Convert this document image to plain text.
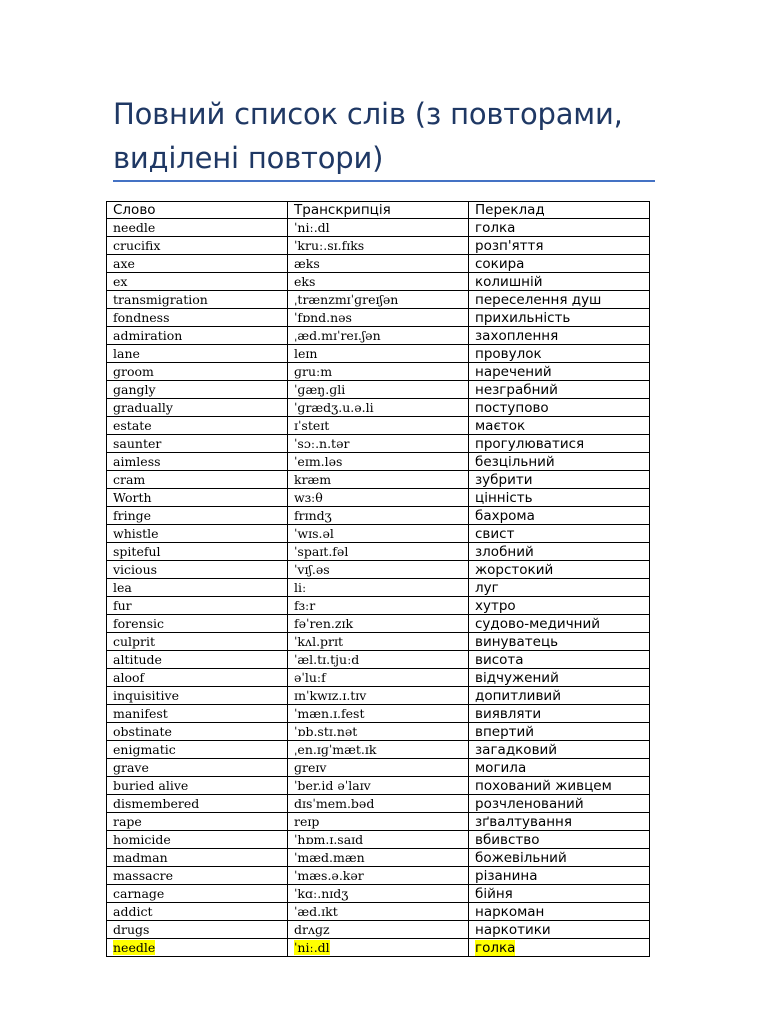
Повний список слів (з повторами, виділені повтори)
Слово	Транскрипція	Переклад
needle	ˈniː.dl	голка
crucifix	ˈkruː.sɪ.fɪks	розп'яття
axe	æks	сокира
ex	eks	колишній
transmigration	ˌtrænzmɪˈɡreɪʃən	переселення душ
fondness	ˈfɒnd.nəs	прихильність
admiration	ˌæd.mɪˈreɪ.ʃən	захоплення
lane	leɪn	провулок
groom	ɡruːm	наречений
gangly	ˈɡæŋ.ɡli	незграбний
gradually	ˈɡrædʒ.u.ə.li	поступово
estate	ɪˈsteɪt	маєток
saunter	ˈsɔː.n.tər	прогулюватися
aimless	ˈeɪm.ləs	безцільний
cram	kræm	зубрити
Worth	wɜːθ	цінність
fringe	frɪndʒ	бахрома
whistle	ˈwɪs.əl	свист
spiteful	ˈspaɪt.fəl	злобний
vicious	ˈvɪʃ.əs	жорстокий
lea	liː	луг
fur	fɜːr	хутро
forensic	fəˈren.zɪk	судово-медичний
culprit	ˈkʌl.prɪt	винуватець
altitude	ˈæl.tɪ.tjuːd	висота
aloof	əˈluːf	відчужений
inquisitive	ɪnˈkwɪz.ɪ.tɪv	допитливий
manifest	ˈmæn.ɪ.fest	виявляти
obstinate	ˈɒb.stɪ.nət	впертий
enigmatic	ˌen.ɪɡˈmæt.ɪk	загадковий
grave	ɡreɪv	могила
buried alive	ˈber.id əˈlaɪv	похований живцем
dismembered	dɪsˈmem.bəd	розчленований
rape	reɪp	зґвалтування
homicide	ˈhɒm.ɪ.saɪd	вбивство
madman	ˈmæd.mæn	божевільний
massacre	ˈmæs.ə.kər	різанина
carnage	ˈkɑː.nɪdʒ	бійня
addict	ˈæd.ɪkt	наркоман
drugs	drʌɡz	наркотики
needle	ˈniː.dl	голка
